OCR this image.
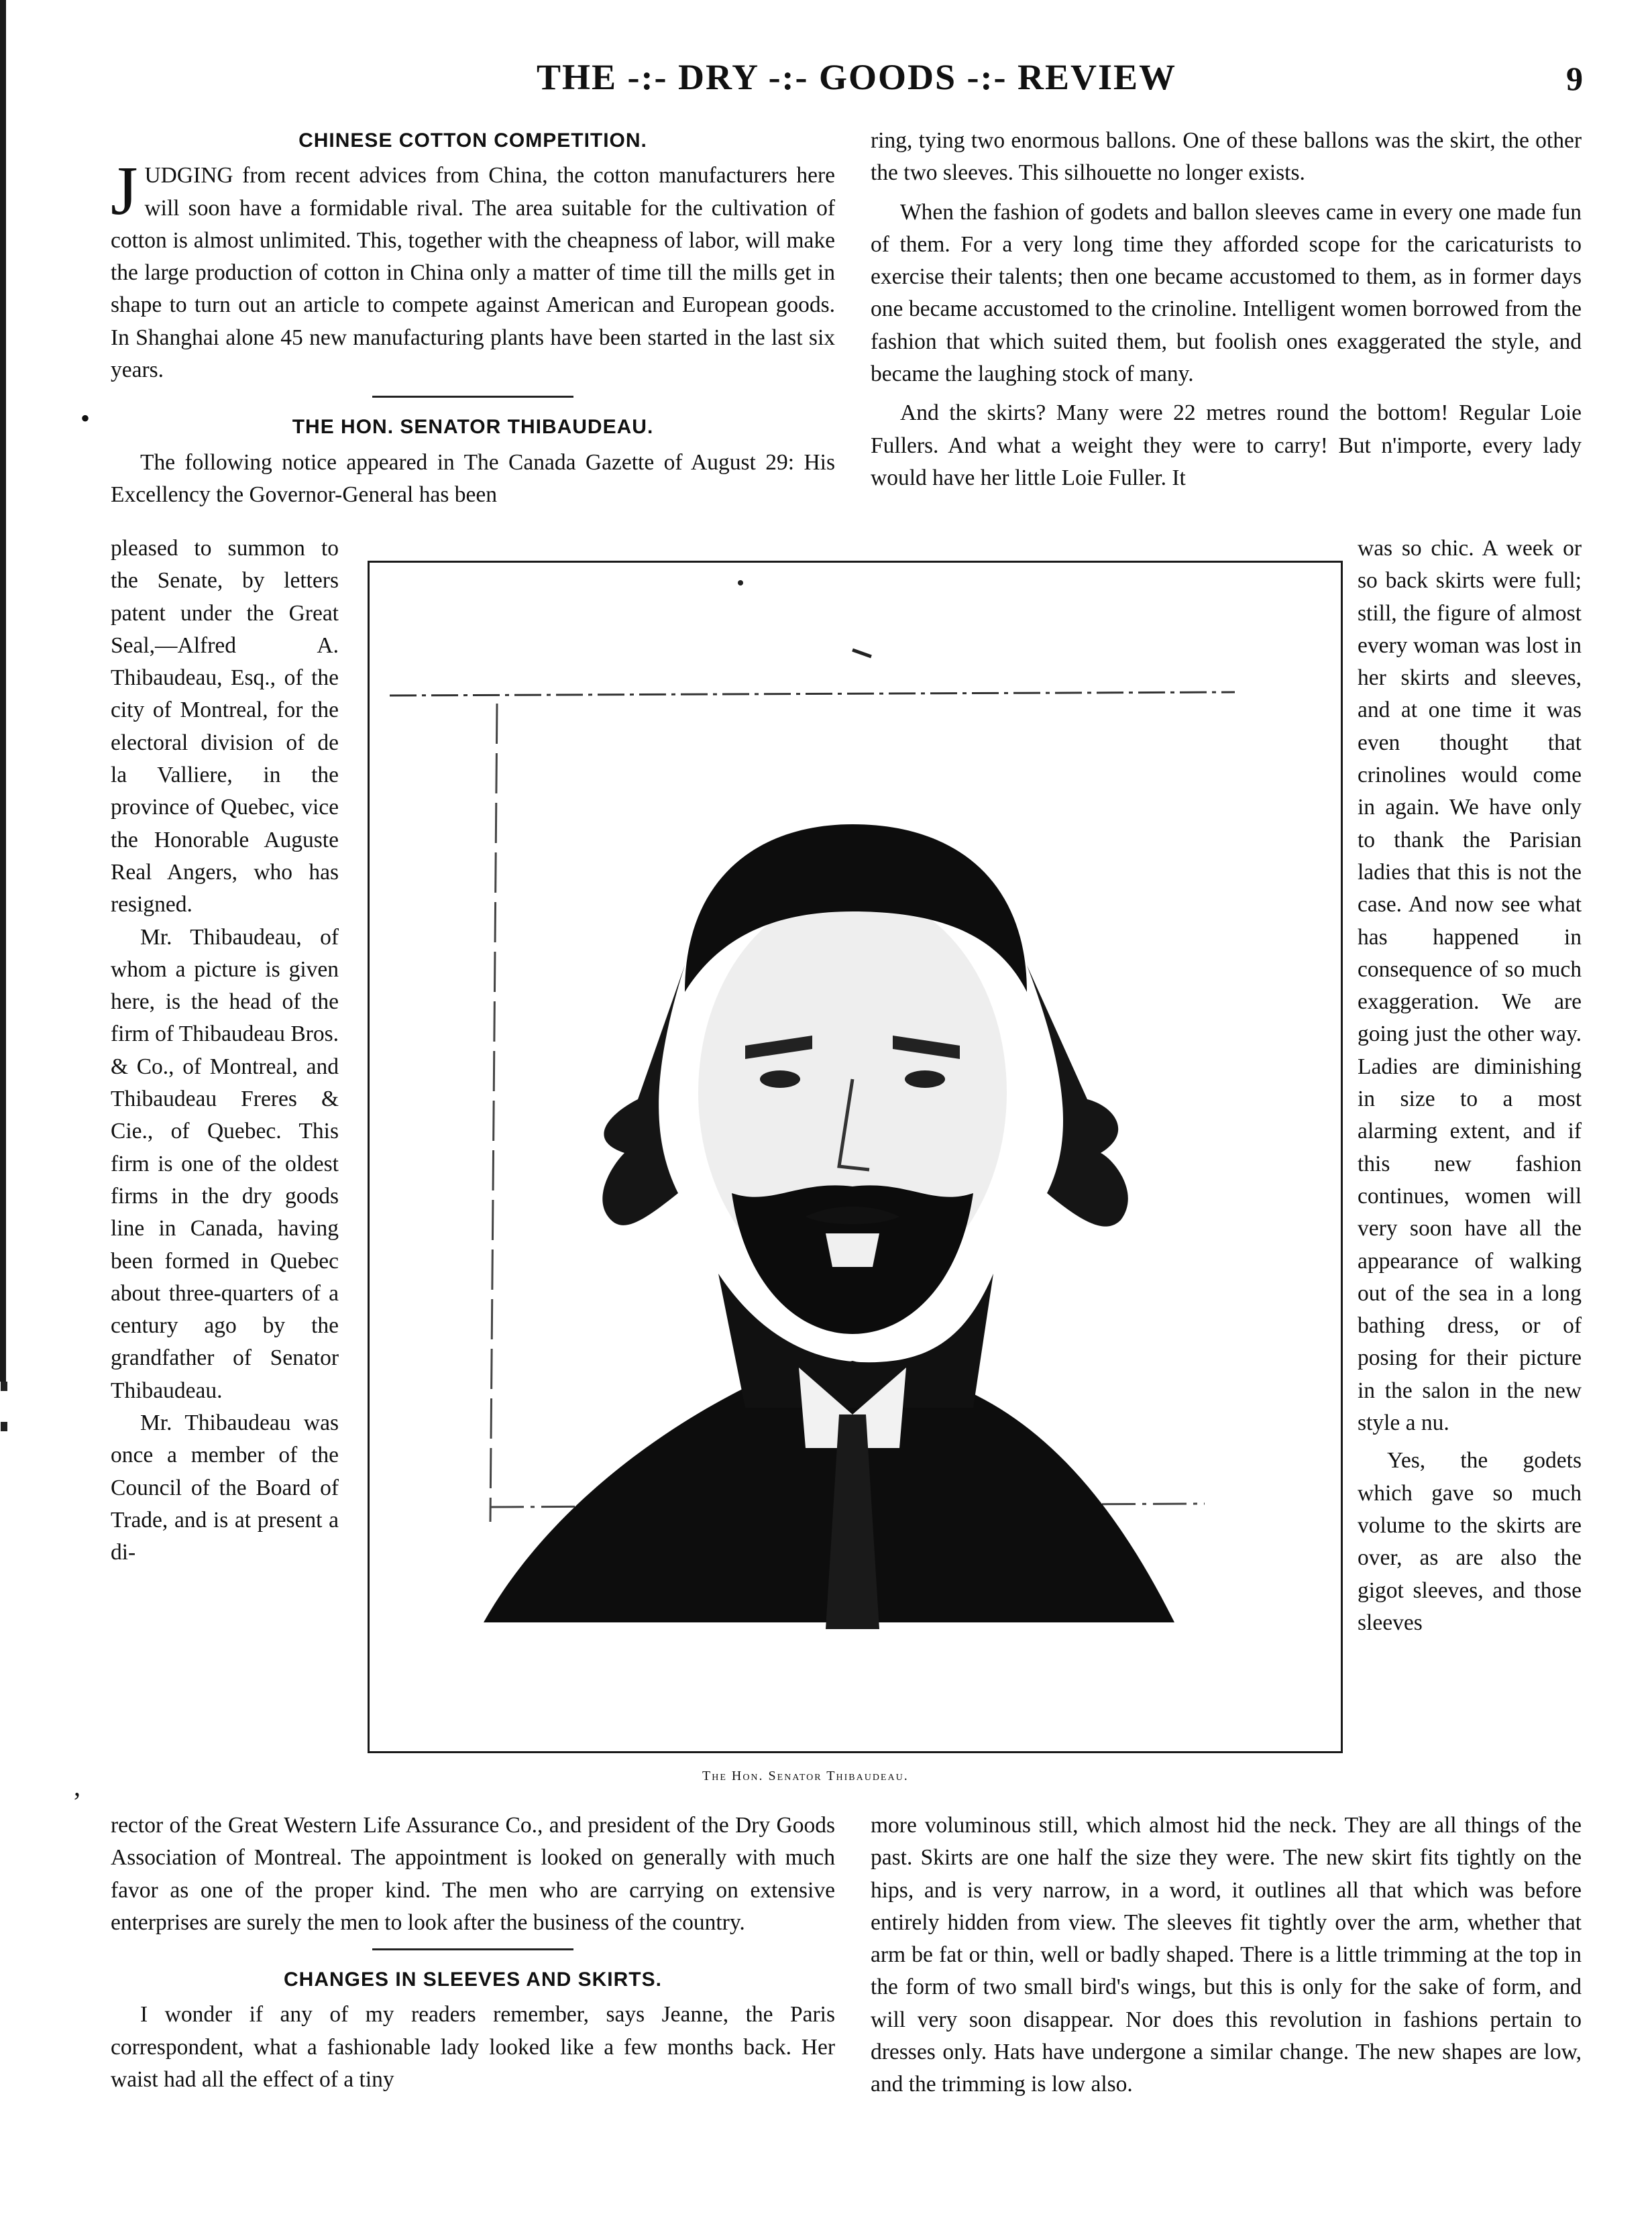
THE -:- DRY -:- GOODS -:- REVIEW	9
CHINESE COTTON COMPETITION.

JUDGING from recent advices from China, the cotton manufacturers here will soon have a formidable rival. The area suitable for the cultivation of cotton is almost unlimited. This, together with the cheapness of labor, will make the large production of cotton in China only a matter of time till the mills get in shape to turn out an article to compete against American and European goods. In Shanghai alone 45 new manufacturing plants have been started in the last six years.

THE HON. SENATOR THIBAUDEAU.

The following notice appeared in The Canada Gazette of August 29: His Excellency the Governor-General has been

pleased to summon to the Senate, by letters patent under the Great Seal,—Alfred A. Thibaudeau, Esq., of the city of Montreal, for the electoral division of de la Valliere, in the province of Quebec, vice the Honorable Auguste Real Angers, who has resigned.

Mr. Thibaudeau, of whom a picture is given here, is the head of the firm of Thibaudeau Bros. & Co., of Montreal, and Thibaudeau Freres & Cie., of Quebec. This firm is one of the oldest firms in the dry goods line in Canada, having been formed in Quebec about three-quarters of a century ago by the grandfather of Senator Thibaudeau.

Mr. Thibaudeau was once a member of the Council of the Board of Trade, and is at present a di-

The Hon. Senator Thibaudeau.

rector of the Great Western Life Assurance Co., and president of the Dry Goods Association of Montreal. The appointment is looked on generally with much favor as one of the proper kind. The men who are carrying on extensive enterprises are surely the men to look after the business of the country.

CHANGES IN SLEEVES AND SKIRTS.

I wonder if any of my readers remember, says Jeanne, the Paris correspondent, what a fashionable lady looked like a few months back. Her waist had all the effect of a tiny

ring, tying two enormous ballons. One of these ballons was the skirt, the other the two sleeves. This silhouette no longer exists.

When the fashion of godets and ballon sleeves came in every one made fun of them. For a very long time they afforded scope for the caricaturists to exercise their talents; then one became accustomed to them, as in former days one became accustomed to the crinoline. Intelligent women borrowed from the fashion that which suited them, but foolish ones exaggerated the style, and became the laughing stock of many.

And the skirts? Many were 22 metres round the bottom! Regular Loie Fullers. And what a weight they were to carry! But n'importe, every lady would have her little Loie Fuller. It

was so chic. A week or so back skirts were full; still, the figure of almost every woman was lost in her skirts and sleeves, and at one time it was even thought that crinolines would come in again. We have only to thank the Parisian ladies that this is not the case. And now see what has happened in consequence of so much exaggeration. We are going just the other way. Ladies are diminishing in size to a most alarming extent, and if this new fashion continues, women will very soon have all the appearance of walking out of the sea in a long bathing dress, or of posing for their picture in the salon in the new style a nu.

Yes, the godets which gave so much volume to the skirts are over, as are also the gigot sleeves, and those sleeves

more voluminous still, which almost hid the neck. They are all things of the past. Skirts are one half the size they were. The new skirt fits tightly on the hips, and is very narrow, in a word, it outlines all that which was before entirely hidden from view. The sleeves fit tightly over the arm, whether that arm be fat or thin, well or badly shaped. There is a little trimming at the top in the form of two small bird's wings, but this is only for the sake of form, and will very soon disappear. Nor does this revolution in fashions pertain to dresses only. Hats have undergone a similar change. The new shapes are low, and the trimming is low also.

•
,
